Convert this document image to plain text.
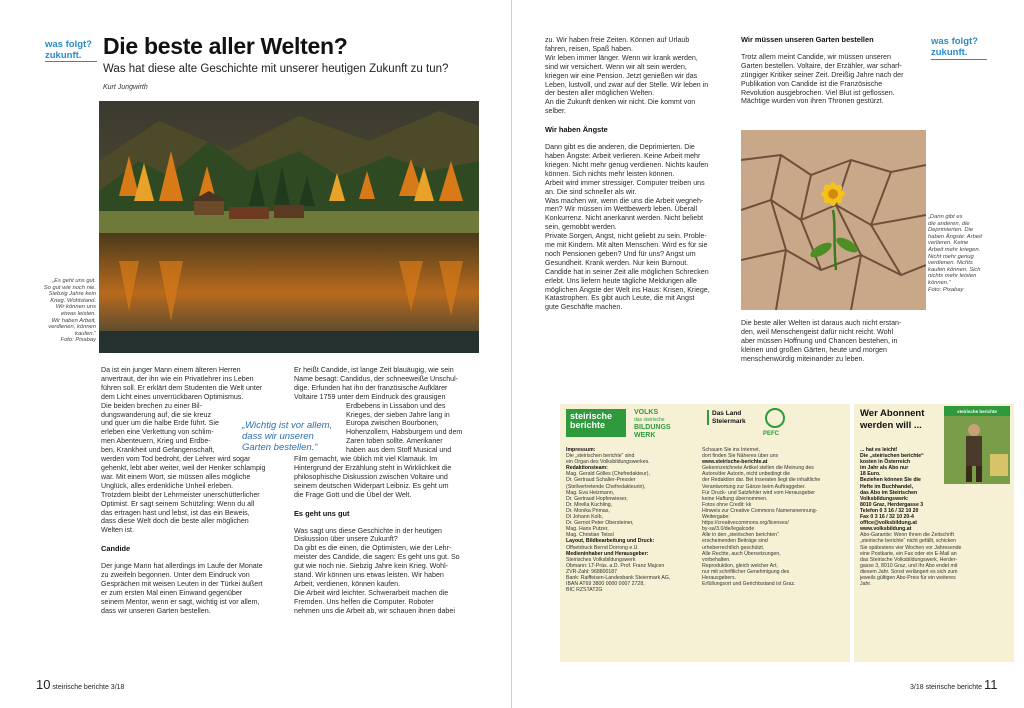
was folgt?
zukunft. Die beste aller Welten?
Was hat diese alte Geschichte mit unserer heutigen Zukunft zu tun?
Kurt Jungwirth
„Es geht uns gut.
So gut wie noch nie.
Siebzig Jahre kein
Krieg. Wohlstand.
Wir können uns
etwas leisten.
Wir haben Arbeit,
verdienen, können
kaufen.“
Foto: Pixabay
Da ist ein junger Mann einem älteren Herren
anvertraut, der ihn wie ein Privatlehrer ins Leben
führen soll. Er erklärt dem Studenten die Welt unter
dem Licht eines unverrückbaren Optimismus.
Die beiden brechen zu einer Bil-
dungswanderung auf, die sie kreuz
und quer um die halbe Erde führt. Sie
erleben eine Verkettung von schlim-
men Abenteuern, Krieg und Erdbe-
ben, Krankheit und Gefangenschaft,
werden vom Tod bedroht, der Lehrer wird sogar
gehenkt, lebt aber weiter, weil der Henker schlampig
war. Mit einem Wort, sie müssen alles mögliche
Unglück, alles erdenkliche Unheil erleben.
Trotzdem bleibt der Lehrmeister unerschütterlicher
Optimist. Er sagt seinem Schützling: Wenn du all
das ertragen hast und lebst, ist das ein Beweis,
dass diese Welt doch die beste aller möglichen
Welten ist.
Candide
Der junge Mann hat allerdings im Laufe der Monate
zu zweifeln begonnen. Unter dem Eindruck von
Gesprächen mit weisen Leuten in der Türkei äußert
er zum ersten Mal einen Einwand gegenüber
seinem Mentor, wenn er sagt, wichtig ist vor allem,
dass wir unseren Garten bestellen.
„Wichtig ist vor allem, dass wir unseren Garten bestellen.“
Er heißt Candide, ist lange Zeit blauäugig, wie sein
Name besagt: Candidus, der schneeweiße Unschul-
dige. Erfunden hat ihn der französische Aufklärer
Voltaire 1759 unter dem Eindruck des grausigen
Erdbebens in Lissabon und des
Krieges, der sieben Jahre lang in
Europa zwischen Bourbonen,
Hohenzollern, Habsburgern und dem
Zaren toben sollte. Amerikaner
haben aus dem Stoff Musical und
Film gemacht, wie üblich mit viel Klamauk. Im
Hintergrund der Erzählung steht in Wirklichkeit die
philosophische Diskussion zwischen Voltaire und
seinem deutschen Widerpart Leibniz. Es geht um
die Frage Gott und die Übel der Welt.
Es geht uns gut
Was sagt uns diese Geschichte in der heutigen
Diskussion über unsere Zukunft?
Da gibt es die einen, die Optimisten, wie der Lehr-
meister des Candide, die sagen: Es geht uns gut. So
gut wie noch nie. Siebzig Jahre kein Krieg. Wohl-
stand. Wir können uns etwas leisten. Wir haben
Arbeit, verdienen, können kaufen.
Die Arbeit wird leichter. Schwerarbeit machen die
Fremden. Uns helfen die Computer. Roboter
nehmen uns die Arbeit ab, wir schauen ihnen dabei
10 steirische berichte 3/18
was folgt?
zukunft.
zu. Wir haben freie Zeiten. Können auf Urlaub
fahren, reisen, Spaß haben.
Wir leben immer länger. Wenn wir krank werden,
sind wir versichert. Wenn wir alt sein werden,
kriegen wir eine Pension. Jetzt genießen wir das
Leben, lustvoll, und zwar auf der Stelle. Wir leben in
der besten aller möglichen Welten.
An die Zukunft denken wir nicht. Die kommt von
selber.
Wir haben Ängste
Dann gibt es die anderen, die Deprimierten. Die
haben Ängste: Arbeit verlieren. Keine Arbeit mehr
kriegen. Nicht mehr genug verdienen. Nichts kaufen
können. Sich nichts mehr leisten können.
Arbeit wird immer stressiger. Computer treiben uns
an. Die sind schneller als wir.
Was machen wir, wenn die uns die Arbeit wegneh-
men? Wir müssen im Wettbewerb leben. Überall
Konkurrenz. Nicht anerkannt werden. Nicht beliebt
sein, gemobbt werden.
Private Sorgen, Angst, nicht geliebt zu sein. Proble-
me mit Kindern. Mit alten Menschen. Wird es für sie
noch Pensionen geben? Und für uns? Angst um
Gesundheit. Krank werden. Nur kein Burnout.
Candide hat in seiner Zeit alle möglichen Schrecken
erlebt. Uns liefern heute tägliche Meldungen alle
möglichen Ängste der Welt ins Haus: Krisen, Kriege,
Katastrophen. Es gibt auch Leute, die mit Angst
gute Geschäfte machen.
Wir müssen unseren Garten bestellen
Trotz allem meint Candide, wir müssen unseren
Garten bestellen. Voltaire, der Erzähler, war scharf-
züngiger Kritiker seiner Zeit. Dreißig Jahre nach der
Publikation von Candide ist die Französische
Revolution ausgebrochen. Viel Blut ist geflossen.
Mächtige wurden von ihren Thronen gestürzt.
„Dann gibt es
die anderen, die
Deprimierten. Die
haben Ängste: Arbeit
verlieren. Keine
Arbeit mehr kriegen.
Nicht mehr genug
verdienen. Nichts
kaufen können. Sich
nichts mehr leisten
können.“
Foto: Pixabay
Die beste aller Welten ist daraus auch nicht erstan-
den, weil Menschengeist dafür nicht reicht. Wohl
aber müssen Hoffnung und Chancen bestehen, in
kleinen und großen Gärten, heute und morgen
menschenwürdig miteinander zu leben.
steirische
berichte
VOLKS
das steirische
BILDUNGS
WERK
Das Land
Steiermark
PEFC
Impressum:
Die „steirischen berichte“ sind
ein Organ des Volksbildungswerkes.
Redaktionsteam:
Mag. Gerald Gölles (Chefredakteur),
Dr. Gertraud Schaller-Pressler
(Stellvertretende Chefredakteurin),
Mag. Eva Heizmann,
Dr. Gertraud Hopferwieser,
Dr. Mirella Kuchling,
Dr. Monika Primas,
DI Johann Kolb,
Dr. Gernot Peter Obersteiner,
Mag. Hans Putzer,
Mag. Christian Teissl
Layout, Bildbearbeitung und Druck:
Offsetdruck Bernd Dorrong e.U.
Medieninhaber und Herausgeber:
Steirisches Volksbildungswerk
Obmann: LT-Präs. a.D. Prof. Franz Majcen
ZVR-Zahl: 968800187
Bank: Raiffeisen-Landesbank Steiermark AG,
IBAN AT69 3800 0000 0007 2728,
BIC RZSTAT2G
Schauen Sie ins Internet,
dort finden Sie Näheres über uns
www.steirische-berichte.at
Gekennzeichnete Artikel stellen die Meinung des
Autors/der Autorin, nicht unbedingt die
der Redaktion dar. Bei Inseraten liegt die inhaltliche
Verantwortung zur Gänze beim Auftraggeber.
Für Druck- und Satzfehler wird vom Herausgeber
keine Haftung übernommen.
Fotos ohne Credit: kk
Hinweis zur Creative Commons Namensnennung-
Weitergabe:
https://creativecommons.org/licenses/
by-sa/3.0/de/legalcode
Alle in den „steirischen berichten“
erscheinenden Beiträge sind
urheberrechtlich geschützt.
Alle Rechte, auch Übersetzungen,
vorbehalten.
Reproduktion, gleich welcher Art,
nur mit schriftlicher Genehmigung des
Herausgebers.
Erfüllungsort und Gerichtsstand ist Graz.
Wer Abonnent
werden will ...
steirische berichte
... hat es leicht!
Die „steirischen berichte“
kosten in Österreich
im Jahr als Abo nur
18 Euro.
Beziehen können Sie die
Hefte im Buchhandel,
das Abo im Steirischen
Volksbildungswerk:
8010 Graz, Herdergasse 3
Telefon 0 3 16 / 32 10 20
Fax 0 3 16 / 32 10 20-4
office@volksbildung.at
www.volksbildung.at
Abo-Garantie: Wenn Ihnen die Zeitschrift
„steirische berichte“ nicht gefällt, schicken
Sie spätestens vier Wochen vor Jahresende
eine Postkarte, ein Fax oder ein E-Mail an
das Steirische Volksbildungswerk, Herder-
gasse 3, 8010 Graz, und Ihr Abo endet mit
diesem Jahr. Sonst verlängert es sich zum
jeweils gültigen Abo-Preis für ein weiteres
Jahr.
3/18 steirische berichte 11
